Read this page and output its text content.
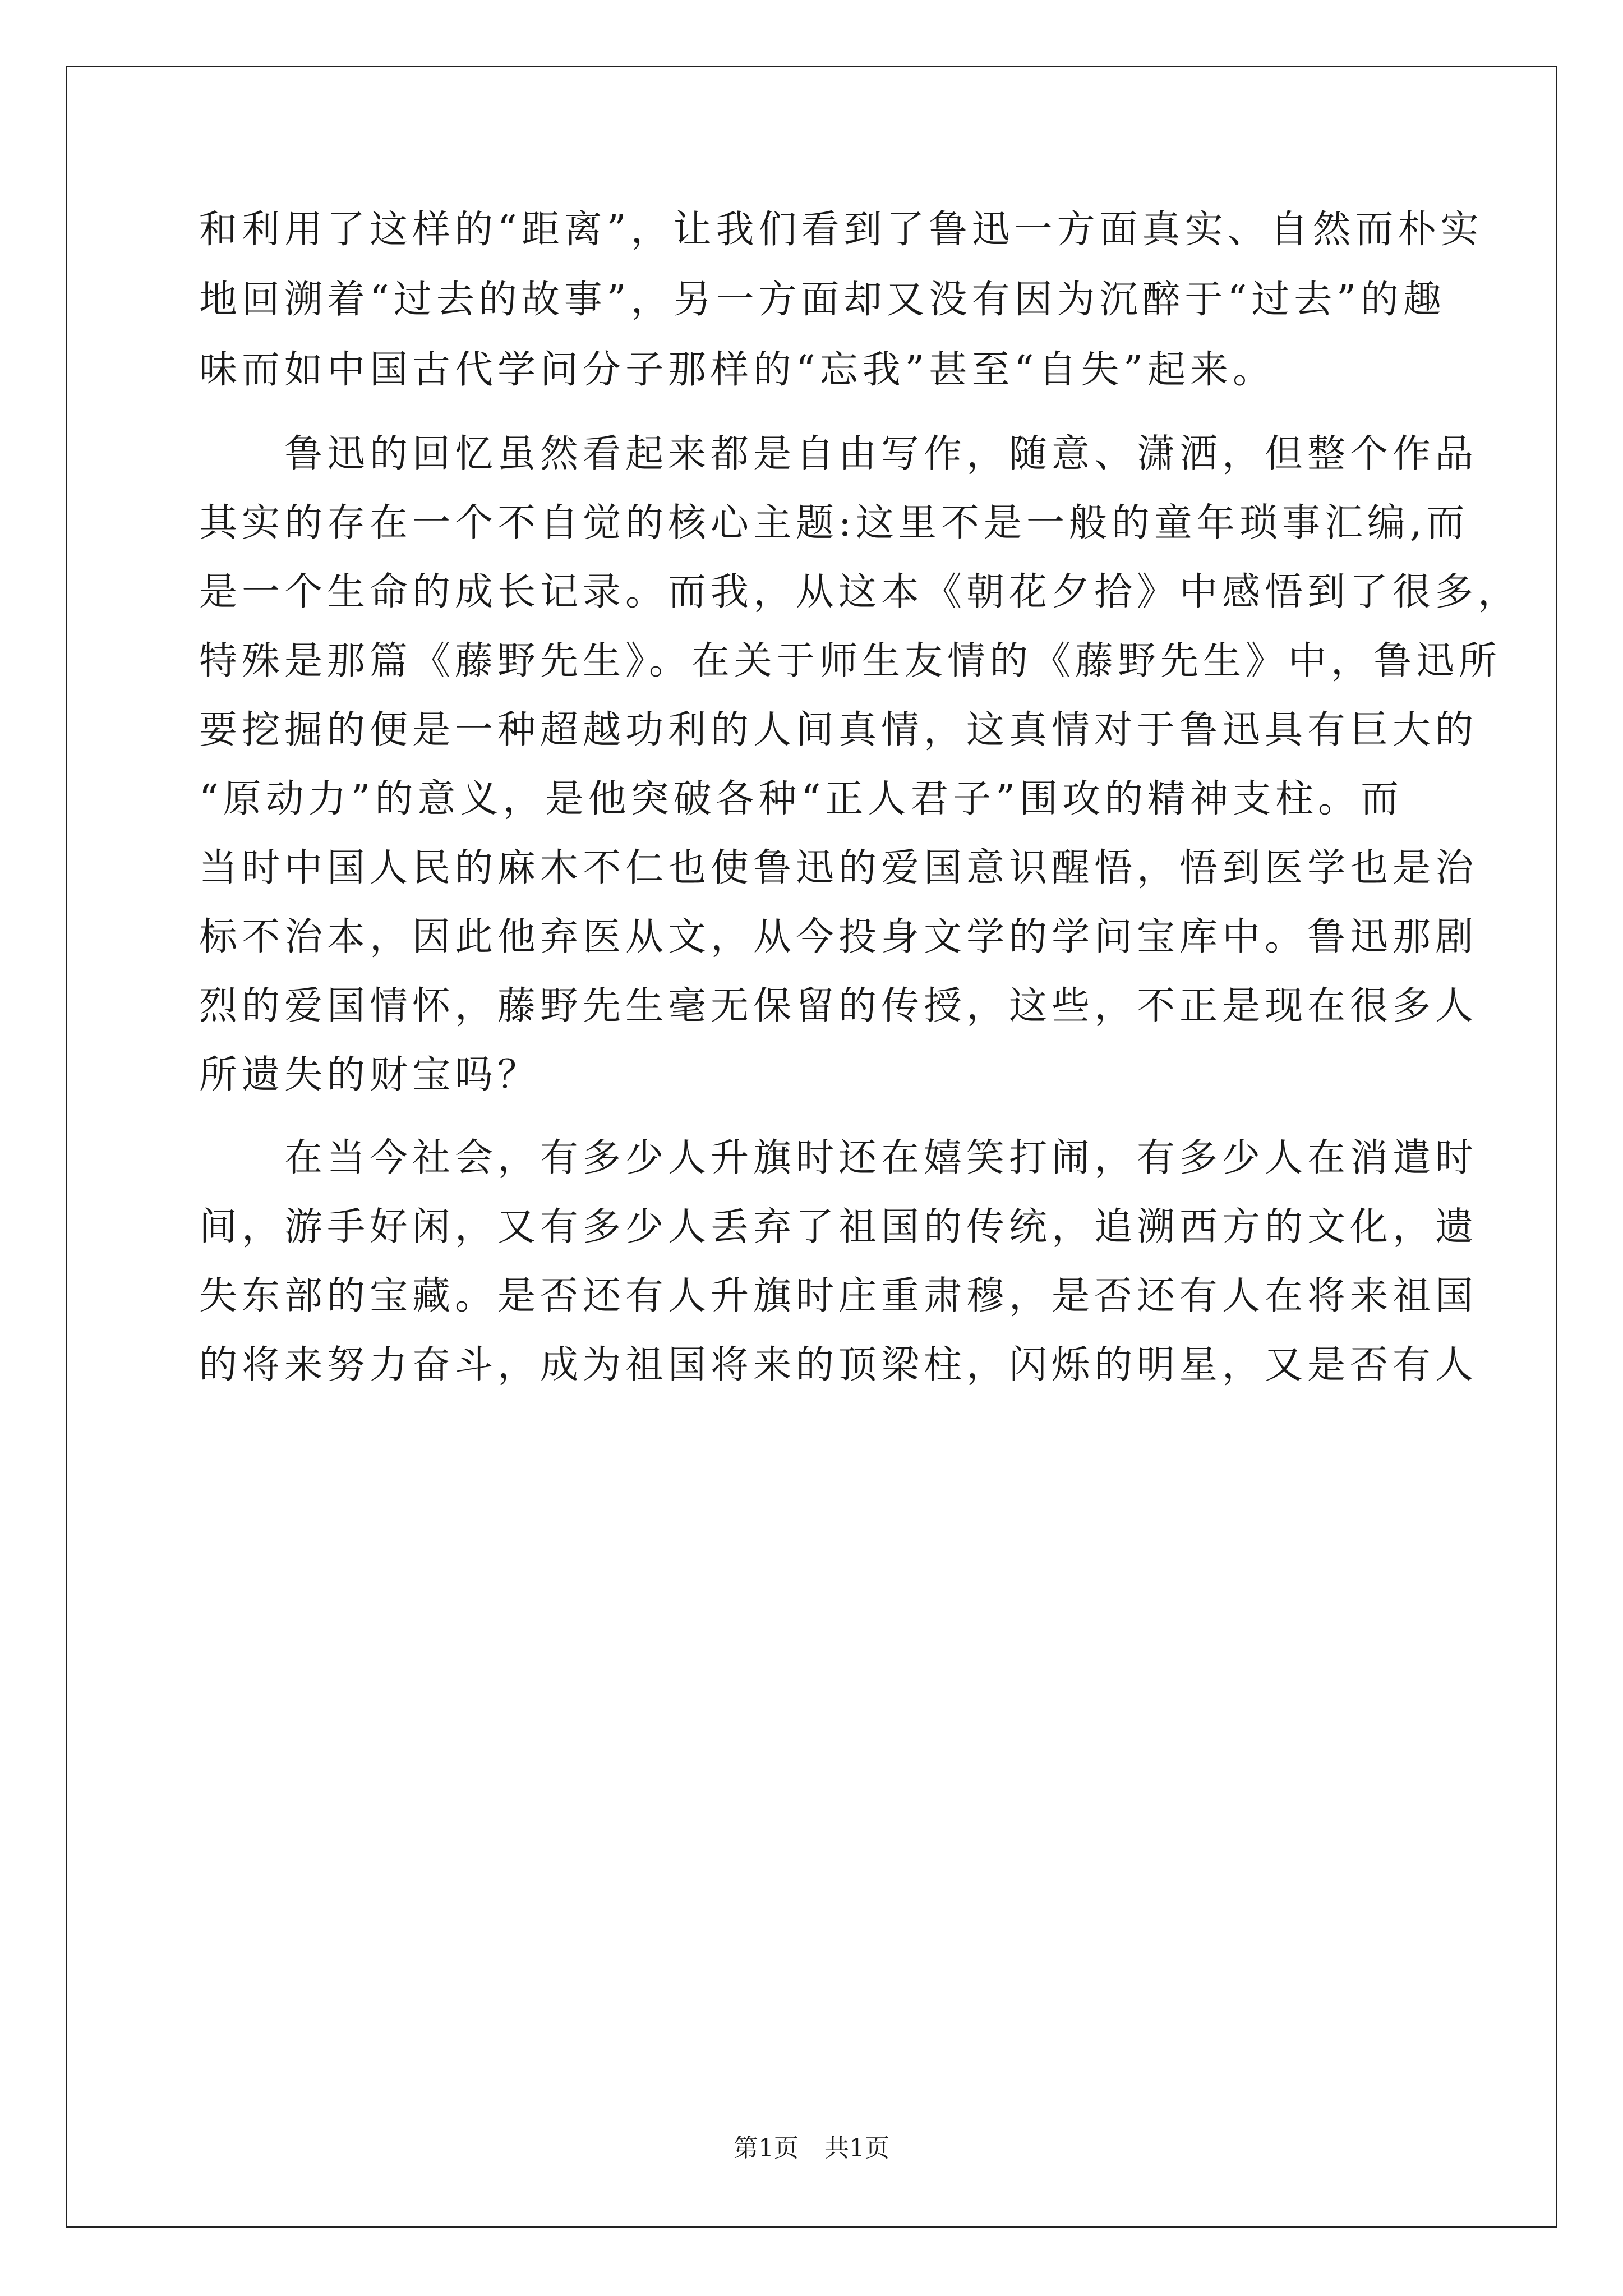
和利用了这样的“距离”，让我们看到了鲁迅一方面真实、自然而朴实
地回溯着“过去的故事”，另一方面却又没有因为沉醉于“过去”的趣
味而如中国古代学问分子那样的“忘我”甚至“自失”起来。
　　鲁迅的回忆虽然看起来都是自由写作，随意、潇洒，但整个作品
其实的存在一个不自觉的核心主题:这里不是一般的童年琐事汇编,而
是一个生命的成长记录。而我，从这本《朝花夕拾》中感悟到了很多，
特殊是那篇《藤野先生》。在关于师生友情的《藤野先生》中，鲁迅所
要挖掘的便是一种超越功利的人间真情，这真情对于鲁迅具有巨大的
“原动力”的意义，是他突破各种“正人君子”围攻的精神支柱。而
当时中国人民的麻木不仁也使鲁迅的爱国意识醒悟，悟到医学也是治
标不治本，因此他弃医从文，从今投身文学的学问宝库中。鲁迅那剧
烈的爱国情怀，藤野先生毫无保留的传授，这些，不正是现在很多人
所遗失的财宝吗？
　　在当今社会，有多少人升旗时还在嬉笑打闹，有多少人在消遣时
间，游手好闲，又有多少人丢弃了祖国的传统，追溯西方的文化，遗
失东部的宝藏。是否还有人升旗时庄重肃穆，是否还有人在将来祖国
的将来努力奋斗，成为祖国将来的顶梁柱，闪烁的明星，又是否有人
第1页 共1页
